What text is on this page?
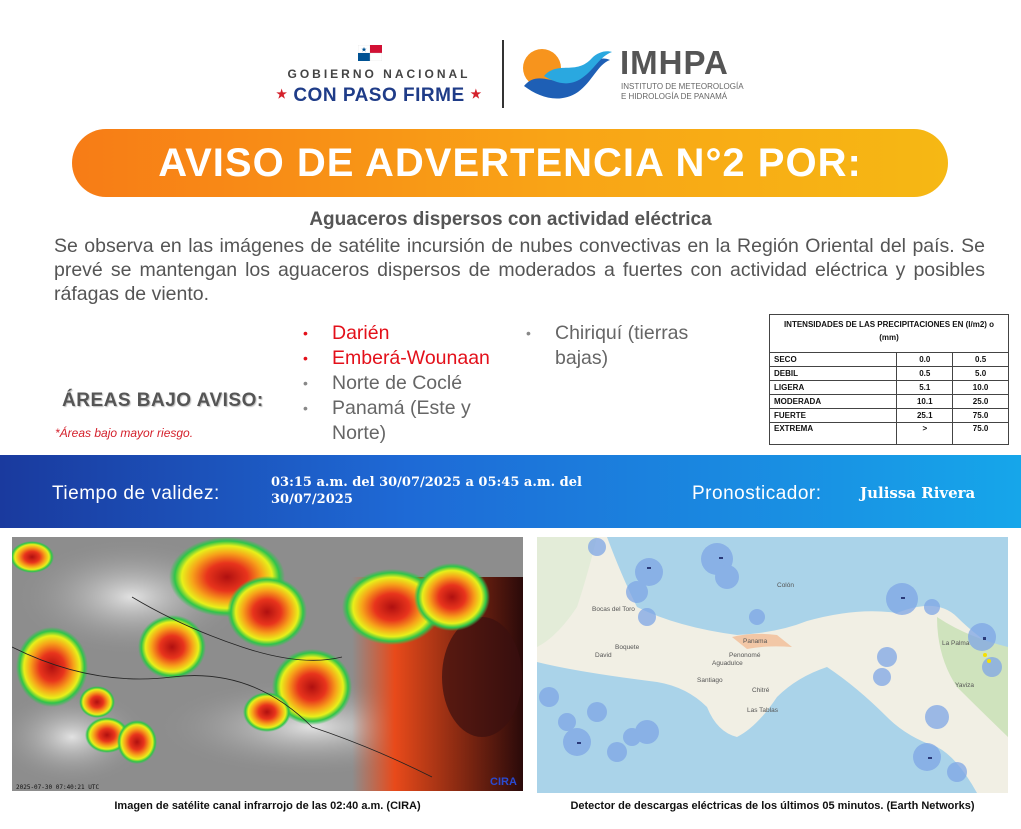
GOBIERNO NACIONAL
★ CON PASO FIRME ★
IMHPA
INSTITUTO DE METEOROLOGÍA
E HIDROLOGÍA DE PANAMÁ
AVISO DE ADVERTENCIA N°2 POR:
Aguaceros dispersos con actividad eléctrica
Se observa en las imágenes de satélite incursión de nubes convectivas en la Región Oriental del país. Se prevé se mantengan los aguaceros dispersos de moderados a fuertes con actividad eléctrica y posibles ráfagas de viento.
ÁREAS BAJO AVISO:
*Áreas bajo mayor riesgo.
• Darién
• Emberá-Wounaan
• Norte de Coclé
• Panamá (Este y Norte)
• Chiriquí (tierras bajas)
INTENSIDADES DE LAS PRECIPITACIONES EN (l/m2) o (mm)		
SECO	0.0	0.5
DEBIL	0.5	5.0
LIGERA	5.1	10.0
MODERADA	10.1	25.0
FUERTE	25.1	75.0
EXTREMA	>	75.0
Tiempo de validez:
03:15 a.m. del 30/07/2025 a 05:45 a.m. del 30/07/2025	Pronosticador:	Julissa Rivera
2025-07-30 07:40:21 UTC	CIRA
Imagen de satélite canal infrarrojo de las 02:40 a.m. (CIRA)
Panama
Colón
Penonomé
Santiago
Las Tablas
Chitré
David
La Palma
Bocas del Toro
Boquete
Aguadulce
Yaviza
Detector de descargas eléctricas de los últimos 05 minutos. (Earth Networks)
